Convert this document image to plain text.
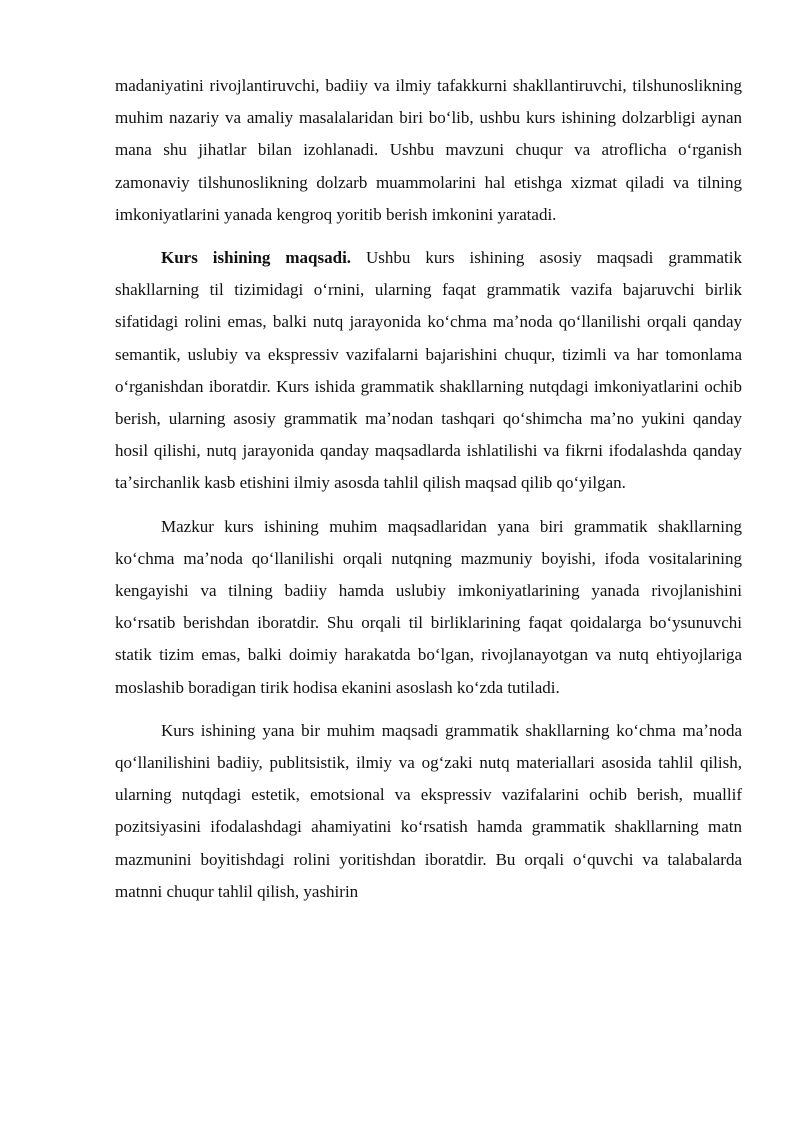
madaniyatini rivojlantiruvchi, badiiy va ilmiy tafakkurni shakllantiruvchi, tilshunoslikning muhim nazariy va amaliy masalalaridan biri boʻlib, ushbu kurs ishining dolzarbligi aynan mana shu jihatlar bilan izohlanadi. Ushbu mavzuni chuqur va atroflicha oʻrganish zamonaviy tilshunoslikning dolzarb muammolarini hal etishga xizmat qiladi va tilning imkoniyatlarini yanada kengroq yoritib berish imkonini yaratadi.

Kurs ishining maqsadi. Ushbu kurs ishining asosiy maqsadi grammatik shakllarning til tizimidagi oʻrnini, ularning faqat grammatik vazifa bajaruvchi birlik sifatidagi rolini emas, balki nutq jarayonida koʻchma maʼnoda qoʻllanilishi orqali qanday semantik, uslubiy va ekspressiv vazifalarni bajarishini chuqur, tizimli va har tomonlama oʻrganishdan iboratdir. Kurs ishida grammatik shakllarning nutqdagi imkoniyatlarini ochib berish, ularning asosiy grammatik maʼnodan tashqari qoʻshimcha maʼno yukini qanday hosil qilishi, nutq jarayonida qanday maqsadlarda ishlatilishi va fikrni ifodalashda qanday taʼsirchanlik kasb etishini ilmiy asosda tahlil qilish maqsad qilib qoʻyilgan.

Mazkur kurs ishining muhim maqsadlaridan yana biri grammatik shakllarning koʻchma maʼnoda qoʻllanilishi orqali nutqning mazmuniy boyishi, ifoda vositalarining kengayishi va tilning badiiy hamda uslubiy imkoniyatlarining yanada rivojlanishini koʻrsatib berishdan iboratdir. Shu orqali til birliklarining faqat qoidalarga boʻysunuvchi statik tizim emas, balki doimiy harakatda boʻlgan, rivojlanayotgan va nutq ehtiyojlariga moslashib boradigan tirik hodisa ekanini asoslash koʻzda tutiladi.

Kurs ishining yana bir muhim maqsadi grammatik shakllarning koʻchma maʼnoda qoʻllanilishini badiiy, publitsistik, ilmiy va ogʻzaki nutq materiallari asosida tahlil qilish, ularning nutqdagi estetik, emotsional va ekspressiv vazifalarini ochib berish, muallif pozitsiyasini ifodalashdagi ahamiyatini koʻrsatish hamda grammatik shakllarning matn mazmunini boyitishdagi rolini yoritishdan iboratdir. Bu orqali oʻquvchi va talabalarda matnni chuqur tahlil qilish, yashirin
